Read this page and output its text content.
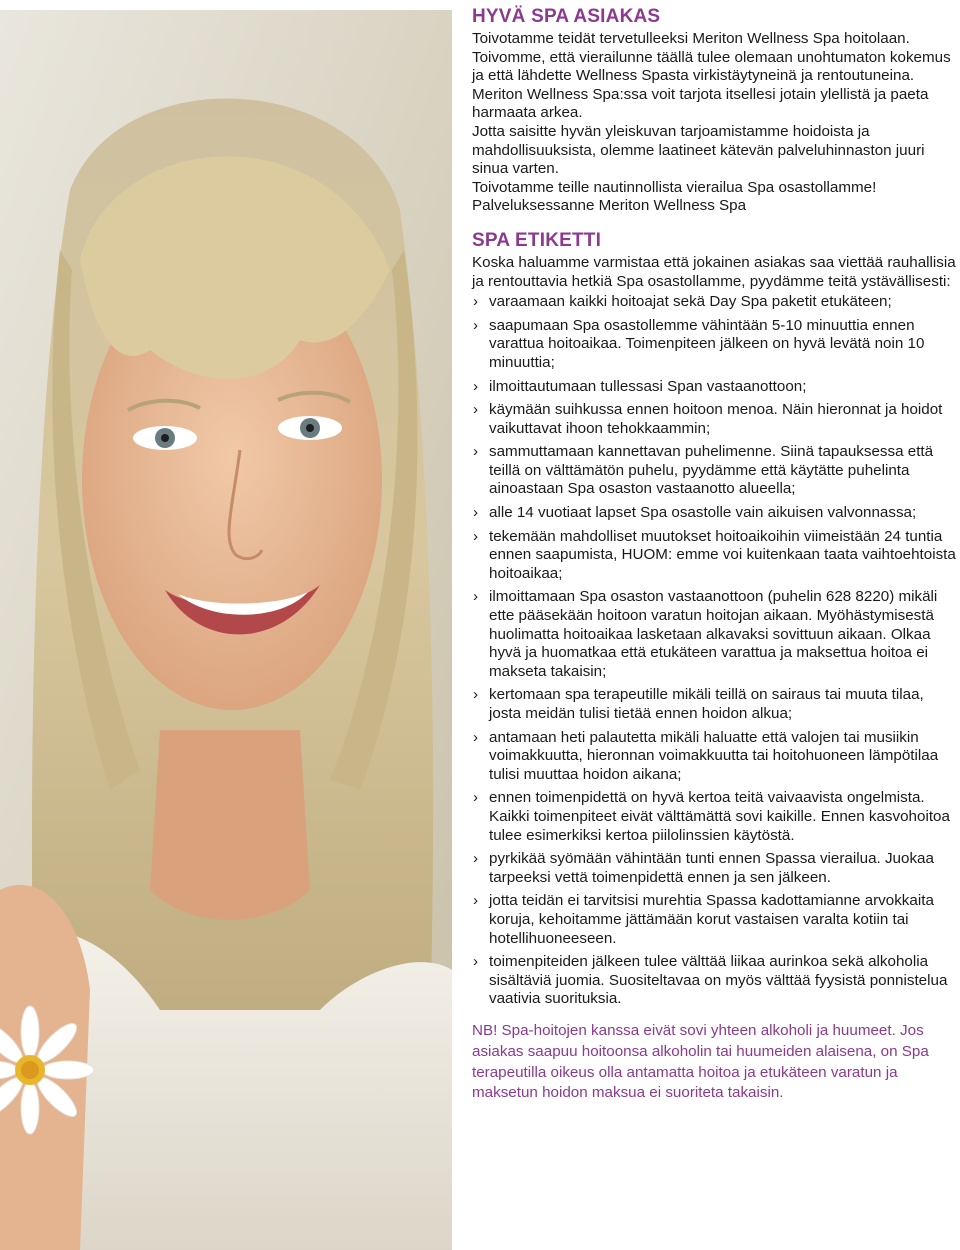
HYVÄ SPA ASIAKAS

Toivotamme teidät tervetulleeksi Meriton Wellness Spa hoitolaan. Toivomme, että vierailunne täällä tulee olemaan unohtumaton kokemus ja että lähdette Wellness Spasta virkistäytyneinä ja rentoutuneina. Meriton Wellness Spa:ssa voit tarjota itsellesi jotain ylellistä ja paeta harmaata arkea.

Jotta saisitte hyvän yleiskuvan tarjoamistamme hoidoista ja mahdollisuuksista, olemme laatineet kätevän palveluhinnaston juuri sinua varten.

Toivotamme teille nautinnollista vierailua Spa osastollamme!

Palveluksessanne Meriton Wellness Spa

SPA ETIKETTI

Koska haluamme varmistaa että jokainen asiakas saa viettää rauhallisia ja rentouttavia hetkiä Spa osastollamme, pyydämme teitä ystävällisesti:

› varaamaan kaikki hoitoajat sekä Day Spa paketit etukäteen;
› saapumaan Spa osastollemme vähintään 5-10 minuuttia ennen varattua hoitoaikaa. Toimenpiteen jälkeen on hyvä levätä noin 10 minuuttia;
› ilmoittautumaan tullessasi Span vastaanottoon;
› käymään suihkussa ennen hoitoon menoa. Näin hieronnat ja hoidot vaikuttavat ihoon tehokkaammin;
› sammuttamaan kannettavan puhelimenne. Siinä tapauksessa että teillä on välttämätön puhelu, pyydämme että käytätte puhelinta ainoastaan Spa osaston vastaanotto alueella;
› alle 14 vuotiaat lapset Spa osastolle vain aikuisen valvonnassa;
› tekemään mahdolliset muutokset hoitoaikoihin viimeistään 24 tuntia ennen saapumista, HUOM: emme voi kuitenkaan taata vaihtoehtoista hoitoaikaa;
› ilmoittamaan Spa osaston vastaanottoon (puhelin 628 8220) mikäli ette pääsekään hoitoon varatun hoitojan aikaan. Myöhästymisestä huolimatta hoitoaikaa lasketaan alkavaksi sovittuun aikaan. Olkaa hyvä ja huomatkaa että etukäteen varattua ja maksettua hoitoa ei makseta takaisin;
› kertomaan spa terapeutille mikäli teillä on sairaus tai muuta tilaa, josta meidän tulisi tietää ennen hoidon alkua;
› antamaan heti palautetta mikäli haluatte että valojen tai musiikin voimakkuutta, hieronnan voimakkuutta tai hoitohuoneen lämpötilaa tulisi muuttaa hoidon aikana;
› ennen toimenpidettä on hyvä kertoa teitä vaivaavista ongelmista. Kaikki toimenpiteet eivät välttämättä sovi kaikille. Ennen kasvohoitoa tulee esimerkiksi kertoa piilolinssien käytöstä.
› pyrkikää syömään vähintään tunti ennen Spassa vierailua. Juokaa tarpeeksi vettä toimenpidettä ennen ja sen jälkeen.
› jotta teidän ei tarvitsisi murehtia Spassa kadottamianne arvokkaita koruja, kehoitamme jättämään korut vastaisen varalta kotiin tai hotellihuoneeseen.
› toimenpiteiden jälkeen tulee välttää liikaa aurinkoa sekä alkoholia sisältäviä juomia. Suositeltavaa on myös välttää fyysistä ponnistelua vaativia suorituksia.

NB! Spa-hoitojen kanssa eivät sovi yhteen alkoholi ja huumeet. Jos asiakas saapuu hoitoonsa alkoholin tai huumeiden alaisena, on Spa terapeutilla oikeus olla antamatta hoitoa ja etukäteen varatun ja maksetun hoidon maksua ei suoriteta takaisin.
